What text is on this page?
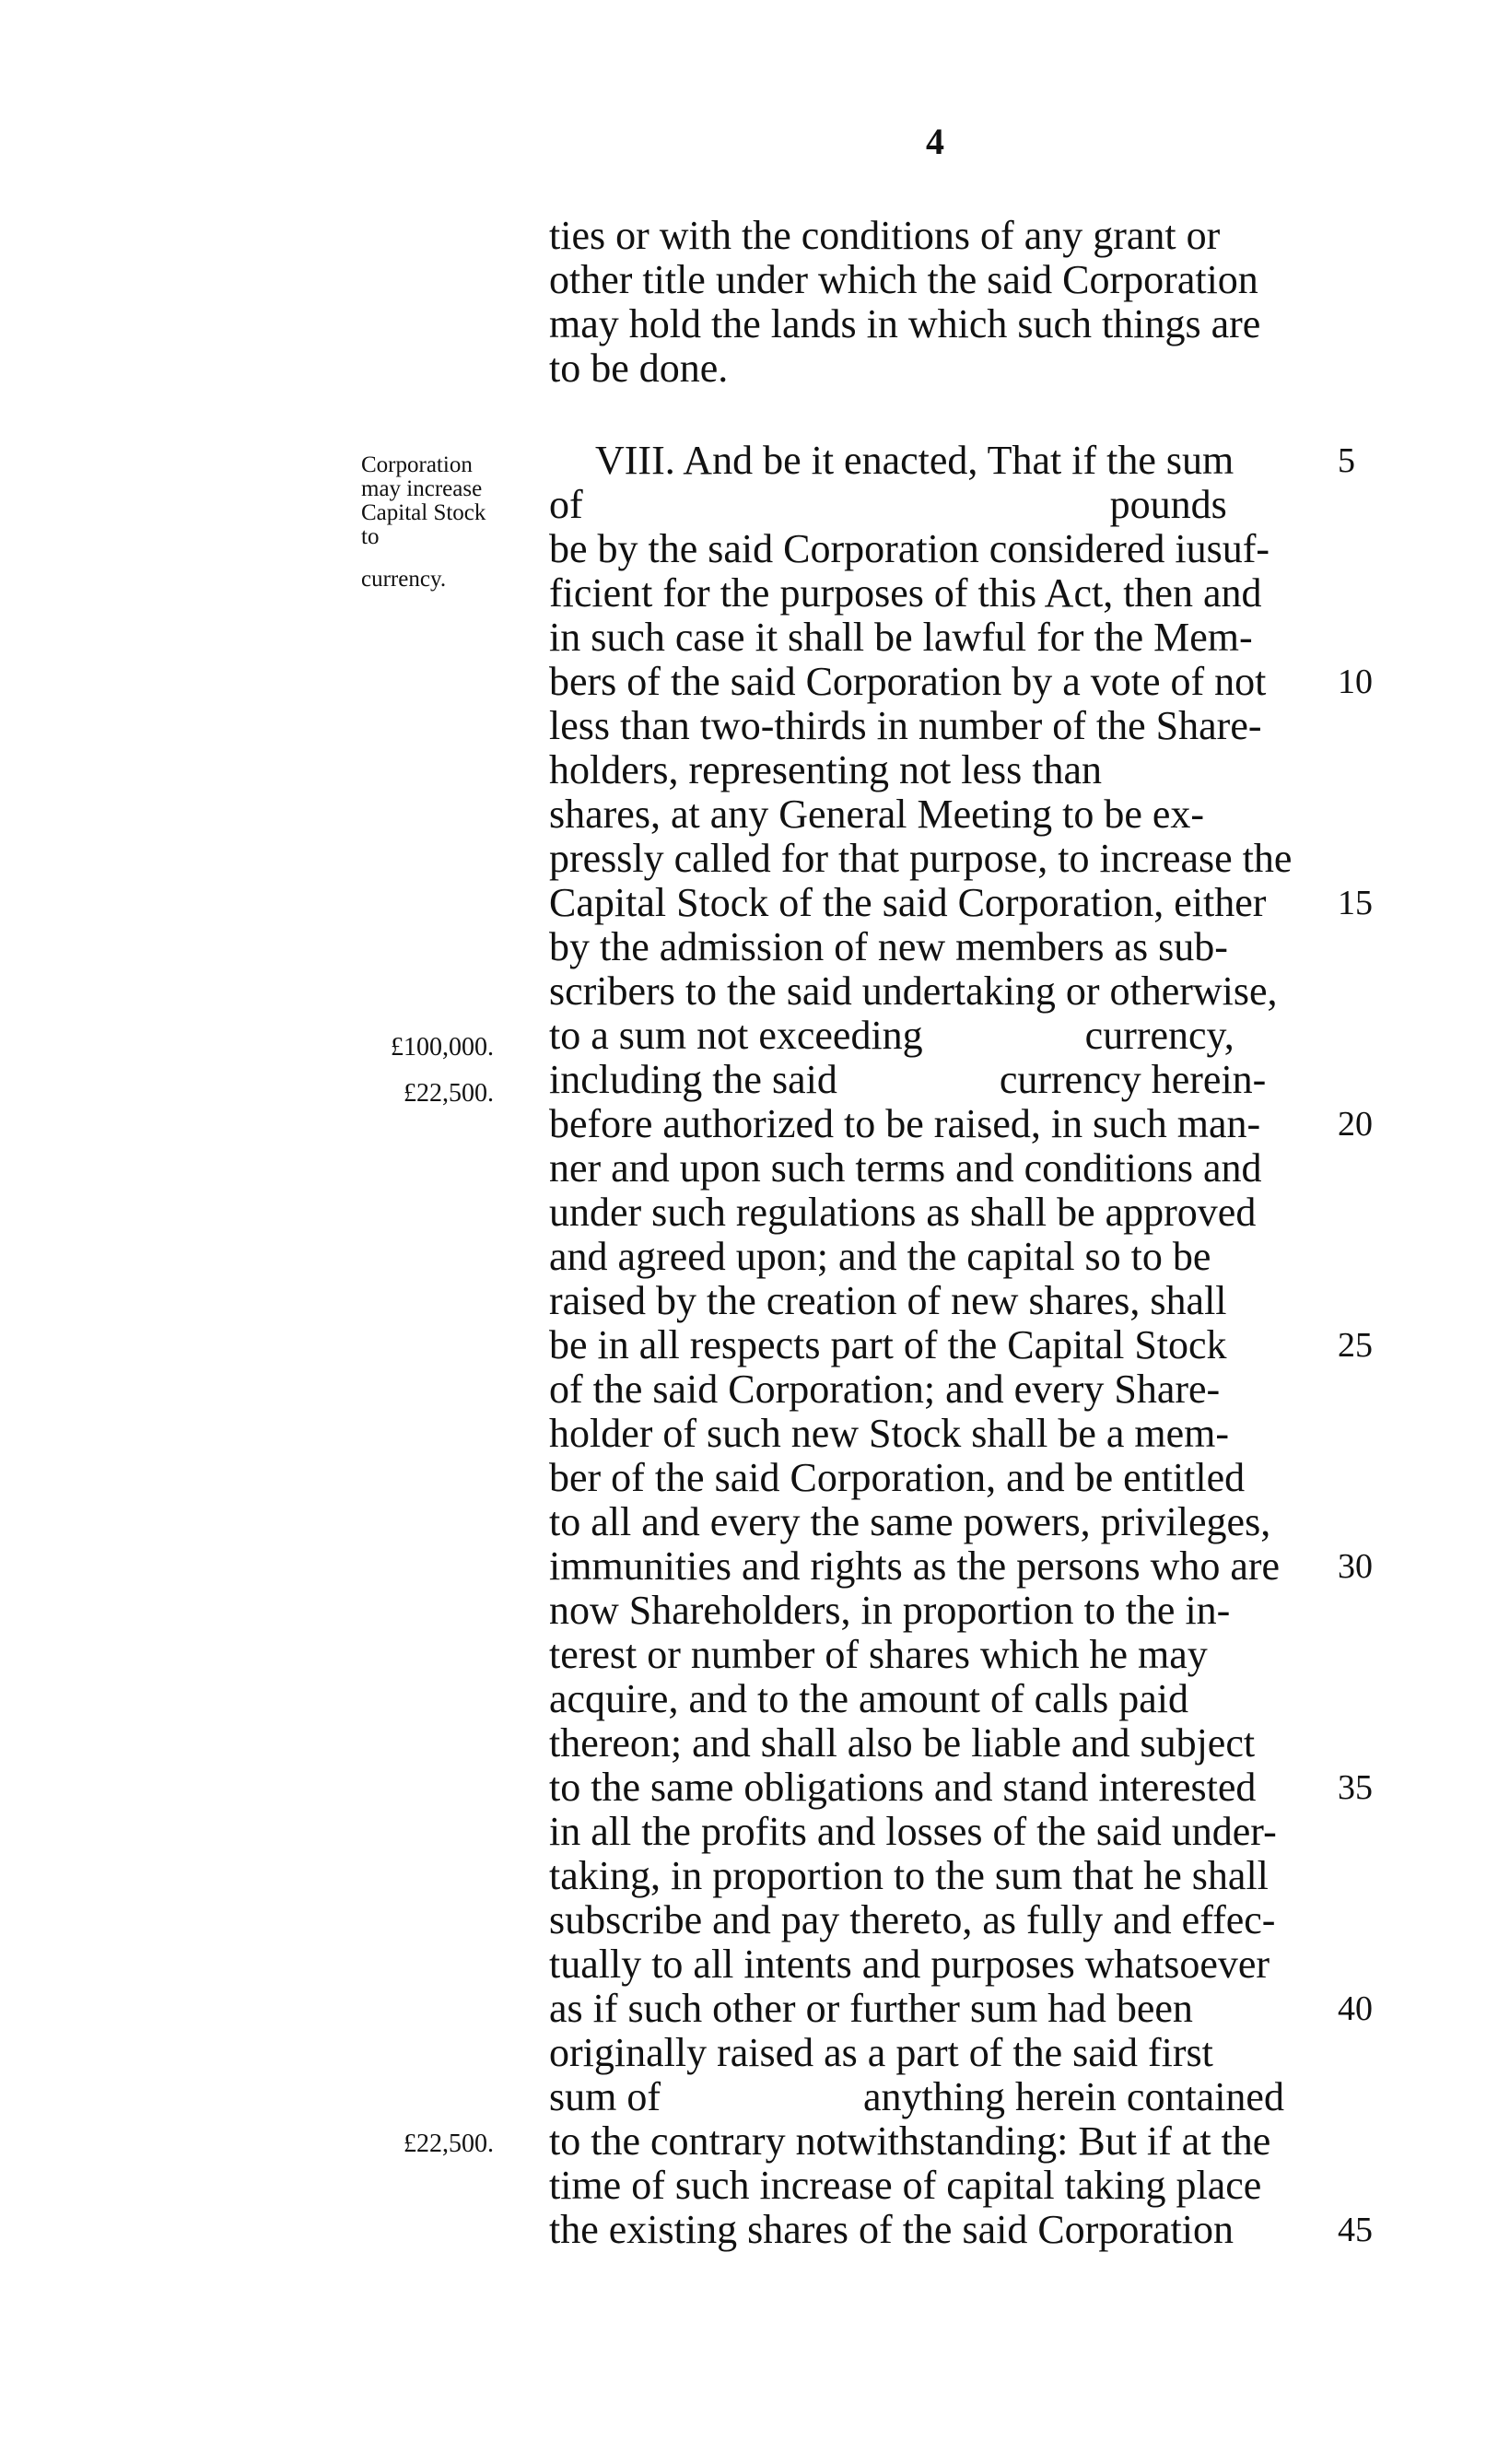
4
Corporation
may increase
Capital Stock
to
currency.
£100,000.
£22,500.
£22,500.
ties or with the conditions of any grant or
other title under which the said Corporation
may hold the lands in which such things are
to be done.
VIII. And be it enacted, That if the sum	5
of                                                    pounds
be by the said Corporation considered iusuf-
ficient for the purposes of this Act, then and
in such case it shall be lawful for the Mem-
bers of the said Corporation by a vote of not 10
less than two-thirds in number of the Share-
holders, representing not less than
shares, at any General Meeting to be ex-
pressly called for that purpose, to increase the
Capital Stock of the said Corporation, either 15
by the admission of new members as sub-
scribers to the said undertaking or otherwise,
to a sum not exceeding                currency,
including the said                currency herein-
before authorized to be raised, in such man- 20
ner and upon such terms and conditions and
under such regulations as shall be approved
and agreed upon; and the capital so to be
raised by the creation of new shares, shall
be in all respects part of the Capital Stock	25
of the said Corporation; and every Share-
holder of such new Stock shall be a mem-
ber of the said Corporation, and be entitled
to all and every the same powers, privileges,
immunities and rights as the persons who are 30
now Shareholders, in proportion to the in-
terest or number of shares which he may
acquire, and to the amount of calls paid
thereon; and shall also be liable and subject
to the same obligations and stand interested 35
in all the profits and losses of the said under-
taking, in proportion to the sum that he shall
subscribe and pay thereto, as fully and effec-
tually to all intents and purposes whatsoever
as if such other or further sum had been	40
originally raised as a part of the said first
sum of                    anything herein contained
to the contrary notwithstanding: But if at the
time of such increase of capital taking place
the existing shares of the said Corporation	45
